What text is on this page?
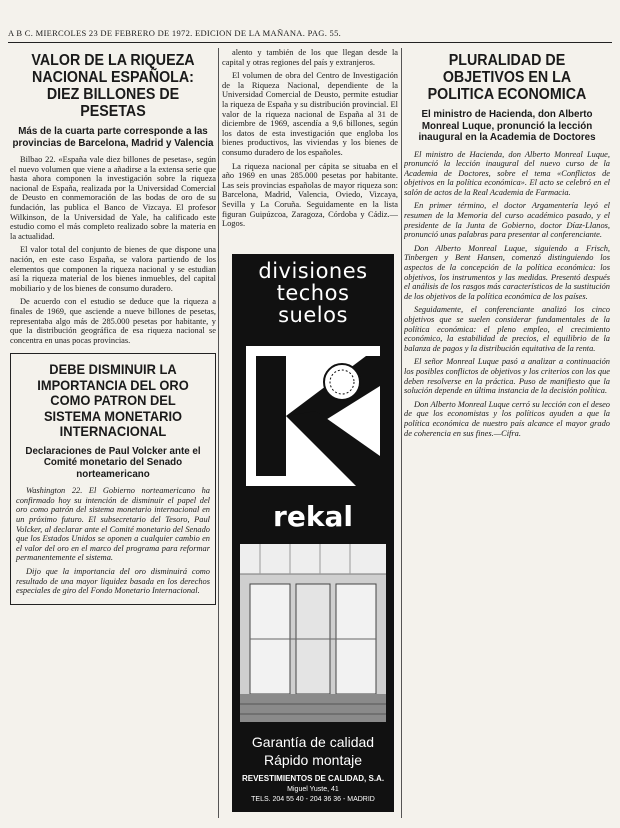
A B C. MIERCOLES 23 DE FEBRERO DE 1972. EDICION DE LA MAÑANA. PAG. 55.
VALOR DE LA RIQUEZA NACIONAL ESPAÑOLA: DIEZ BILLONES DE PESETAS
Más de la cuarta parte corresponde a las provincias de Barcelona, Madrid y Valencia

Bilbao 22. «España vale diez billones de pesetas», según el nuevo volumen que viene a añadirse a la extensa serie que hasta ahora componen la investigación sobre la riqueza nacional de España, realizada por la Universidad Comercial de Deusto en conmemoración de las bodas de oro de su fundación, las publica el Banco de Vizcaya. El profesor Wilkinson, de la Universidad de Yale, ha calificado este estudio como el más completo realizado sobre la materia en la actualidad.

El valor total del conjunto de bienes de que dispone una nación, en este caso España, se valora partiendo de los elementos que componen la riqueza nacional y se estudian así la riqueza material de los bienes inmuebles, del capital mobiliario y de los bienes de consumo duradero.

De acuerdo con el estudio se deduce que la riqueza a finales de 1969, que asciende a nueve billones de pesetas, representaba algo más de 285.000 pesetas por habitante, y que la distribución geográfica de esa riqueza nacional se concentra en unas pocas provincias.

DEBE DISMINUIR LA IMPORTANCIA DEL ORO COMO PATRON DEL SISTEMA MONETARIO INTERNACIONAL
Declaraciones de Paul Volcker ante el Comité monetario del Senado norteamericano

Washington 22. El Gobierno norteamericano ha confirmado hoy su intención de disminuir el papel del oro como patrón del sistema monetario internacional en un próximo futuro. El subsecretario del Tesoro, Paul Volcker, al declarar ante el Comité monetario del Senado que los Estados Unidos se oponen a cualquier cambio en el valor del oro en el marco del programa para reformar permanentemente el sistema.

Dijo que la importancia del oro disminuirá como resultado de una mayor liquidez basada en los derechos especiales de giro del Fondo Monetario Internacional.

alento y también de los que llegan desde la capital y otras regiones del país y extranjeros.

El volumen de obra del Centro de Investigación de la Riqueza Nacional, dependiente de la Universidad Comercial de Deusto, permite estudiar la riqueza de España y su distribución provincial. El valor de la riqueza nacional de España al 31 de diciembre de 1969, ascendía a 9,6 billones, según los datos de esta investigación que engloba los bienes productivos, las viviendas y los bienes de consumo duradero de los españoles.

La riqueza nacional per cápita se situaba en el año 1969 en unas 285.000 pesetas por habitante. Las seis provincias españolas de mayor riqueza son: Barcelona, Madrid, Valencia, Oviedo, Vizcaya, Sevilla y La Coruña. Seguidamente en la lista figuran Guipúzcoa, Zaragoza, Córdoba y Cádiz.—Logos.

divisiones
techos
suelos
rekal
Garantía de calidad
Rápido montaje
REVESTIMIENTOS DE CALIDAD, S.A.
Miguel Yuste, 41
TELS. 204 55 40 - 204 36 36 - MADRID
PLURALIDAD DE OBJETIVOS EN LA POLITICA ECONOMICA
El ministro de Hacienda, don Alberto Monreal Luque, pronunció la lección inaugural en la Academia de Doctores

El ministro de Hacienda, don Alberto Monreal Luque, pronunció la lección inaugural del nuevo curso de la Academia de Doctores, sobre el tema «Conflictos de objetivos en la política económica». El acto se celebró en el salón de actos de la Real Academia de Farmacia.

En primer término, el doctor Argamentería leyó el resumen de la Memoria del curso académico pasado, y el presidente de la Junta de Gobierno, doctor Díaz-Llanos, pronunció unas palabras para presentar al conferenciante.

Don Alberto Monreal Luque, siguiendo a Frisch, Tinbergen y Bent Hansen, comenzó distinguiendo los aspectos de la concepción de la política económica: los objetivos, los instrumentos y las medidas. Presentó después el análisis de los rasgos más característicos de la sustitución de los objetivos de la política económica de los países.

Seguidamente, el conferenciante analizó los cinco objetivos que se suelen considerar fundamentales de la política económica: el pleno empleo, el crecimiento económico, la estabilidad de precios, el equilibrio de la balanza de pagos y la distribución equitativa de la renta.

El señor Monreal Luque pasó a analizar a continuación los posibles conflictos de objetivos y los criterios con los que deben resolverse en la práctica. Puso de manifiesto que la solución depende en última instancia de la decisión política.

Don Alberto Monreal Luque cerró su lección con el deseo de que los economistas y los políticos ayuden a que la política económica de nuestro país alcance el mayor grado de coherencia en sus fines.—Cifra.
